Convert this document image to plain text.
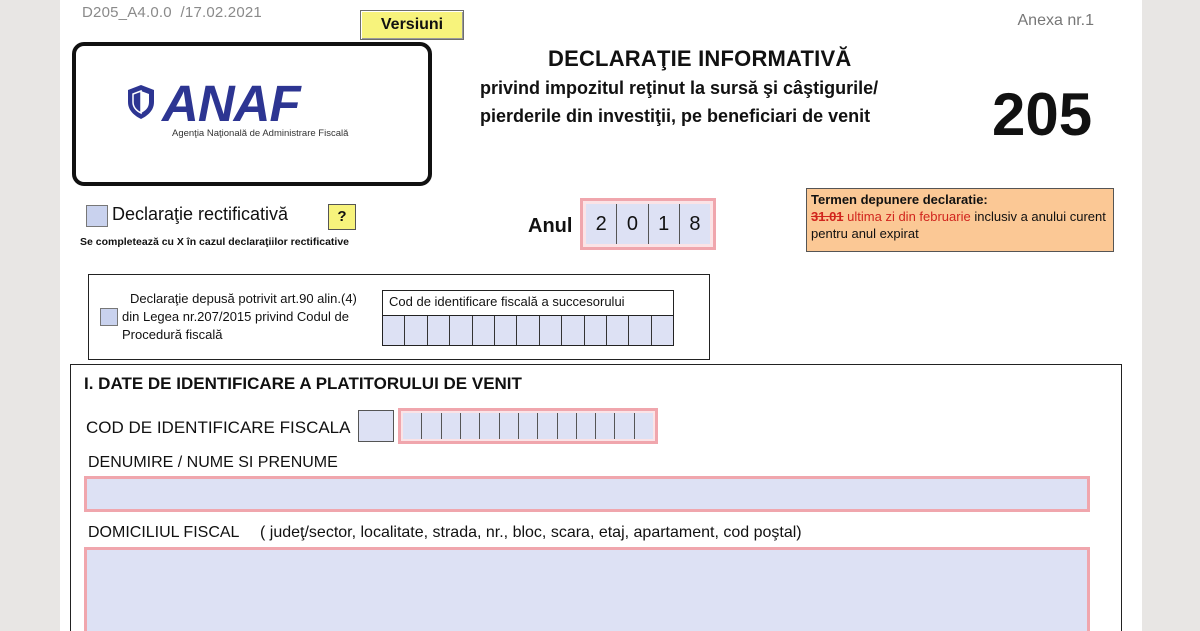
D205_A4.0.0 /17.02.2021
Versiuni	Anexa nr.1
ANAF
Agenţia Naţională de Administrare Fiscală
DECLARAŢIE INFORMATIVĂ
privind impozitul reţinut la sursă şi câştigurile/
pierderile din investiţii, pe beneficiari de venit 205
Declaraţie rectificativă	?
Se completează cu X în cazul declaraţiilor rectificative
Anul	2	0	1	8
Termen depunere declaratie:
31.01 ultima zi din februarie inclusiv a anului curent pentru anul expirat
Declaraţie depusă potrivit art.90 alin.(4)
din Legea nr.207/2015 privind Codul de
Procedură fiscală
Cod de identificare fiscală a succesorului
I. DATE DE IDENTIFICARE A PLATITORULUI DE VENIT
COD DE IDENTIFICARE FISCALA
DENUMIRE / NUME SI PRENUME
DOMICILIUL FISCAL ( judeţ/sector, localitate, strada, nr., bloc, scara, etaj, apartament, cod poştal)
